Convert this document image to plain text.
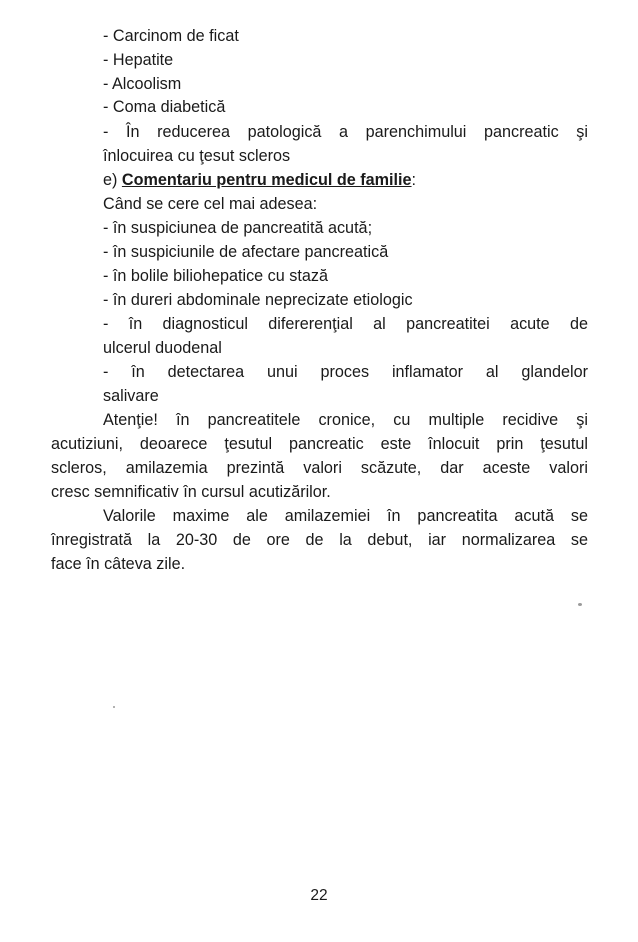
- Carcinom de ficat
- Hepatite
- Alcoolism
- Coma diabetică
- În reducerea patologică a parenchimului pancreatic şi
înlocuirea cu ţesut scleros
e) Comentariu pentru medicul de familie:
Când se cere cel mai adesea:
- în suspiciunea de pancreatită acută;
- în suspiciunile de afectare pancreatică
- în bolile biliohepatice cu stază
- în dureri abdominale neprecizate etiologic
- în diagnosticul difererenţial al pancreatitei acute de
ulcerul duodenal
- în detectarea unui proces inflamator al glandelor
salivare
Atenţie! în pancreatitele cronice, cu multiple recidive şi
acutiziuni, deoarece ţesutul pancreatic este înlocuit prin ţesutul
scleros, amilazemia prezintă valori scăzute, dar aceste valori
cresc semnificativ în cursul acutizărilor.
Valorile maxime ale amilazemiei în pancreatita acută se
înregistrată la 20-30 de ore de la debut, iar normalizarea se
face în câteva zile.
22
